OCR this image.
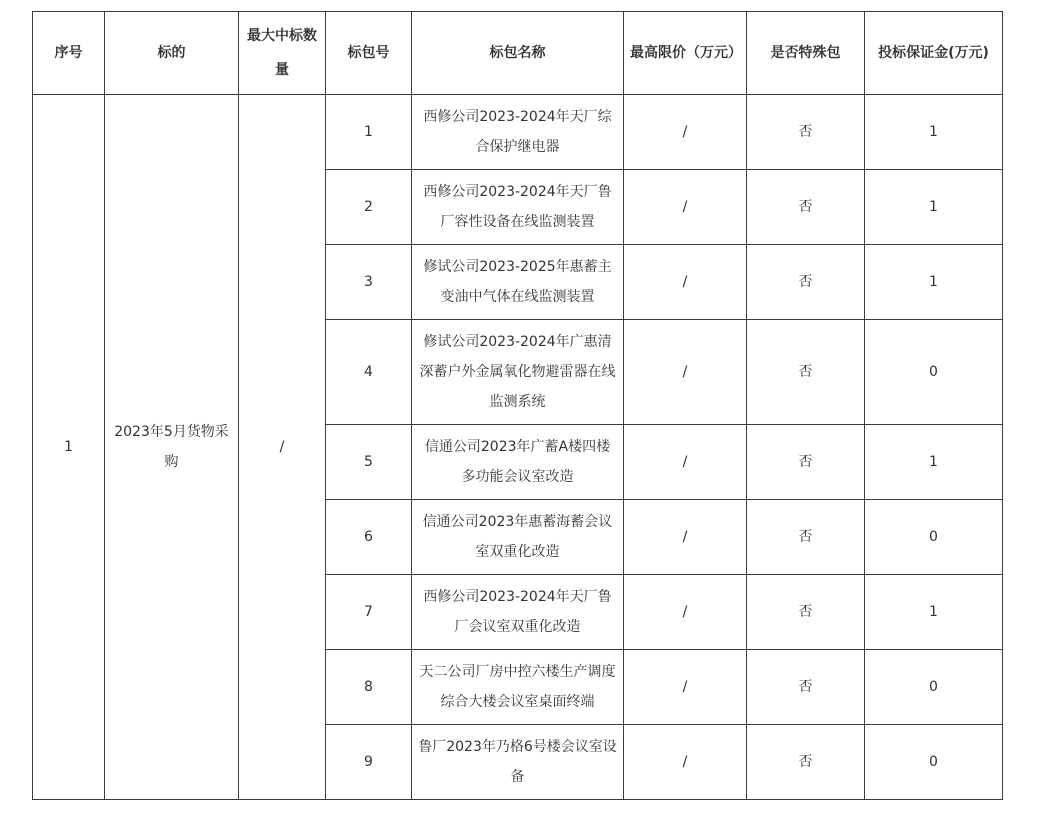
序号	标的	最大中标数量	标包号	标包名称	最高限价（万元）	是否特殊包	投标保证金(万元)
1	2023年5月货物采购	/	1	西修公司2023-2024年天厂综合保护继电器	/	否	1
			2	西修公司2023-2024年天厂鲁厂容性设备在线监测装置	/	否	1
			3	修试公司2023-2025年惠蓄主变油中气体在线监测装置	/	否	1
			4	修试公司2023-2024年广惠清深蓄户外金属氧化物避雷器在线监测系统	/	否	0
			5	信通公司2023年广蓄A楼四楼多功能会议室改造	/	否	1
			6	信通公司2023年惠蓄海蓄会议室双重化改造	/	否	0
			7	西修公司2023-2024年天厂鲁厂会议室双重化改造	/	否	1
			8	天二公司厂房中控六楼生产调度综合大楼会议室桌面终端	/	否	0
			9	鲁厂2023年乃格6号楼会议室设备	/	否	0
